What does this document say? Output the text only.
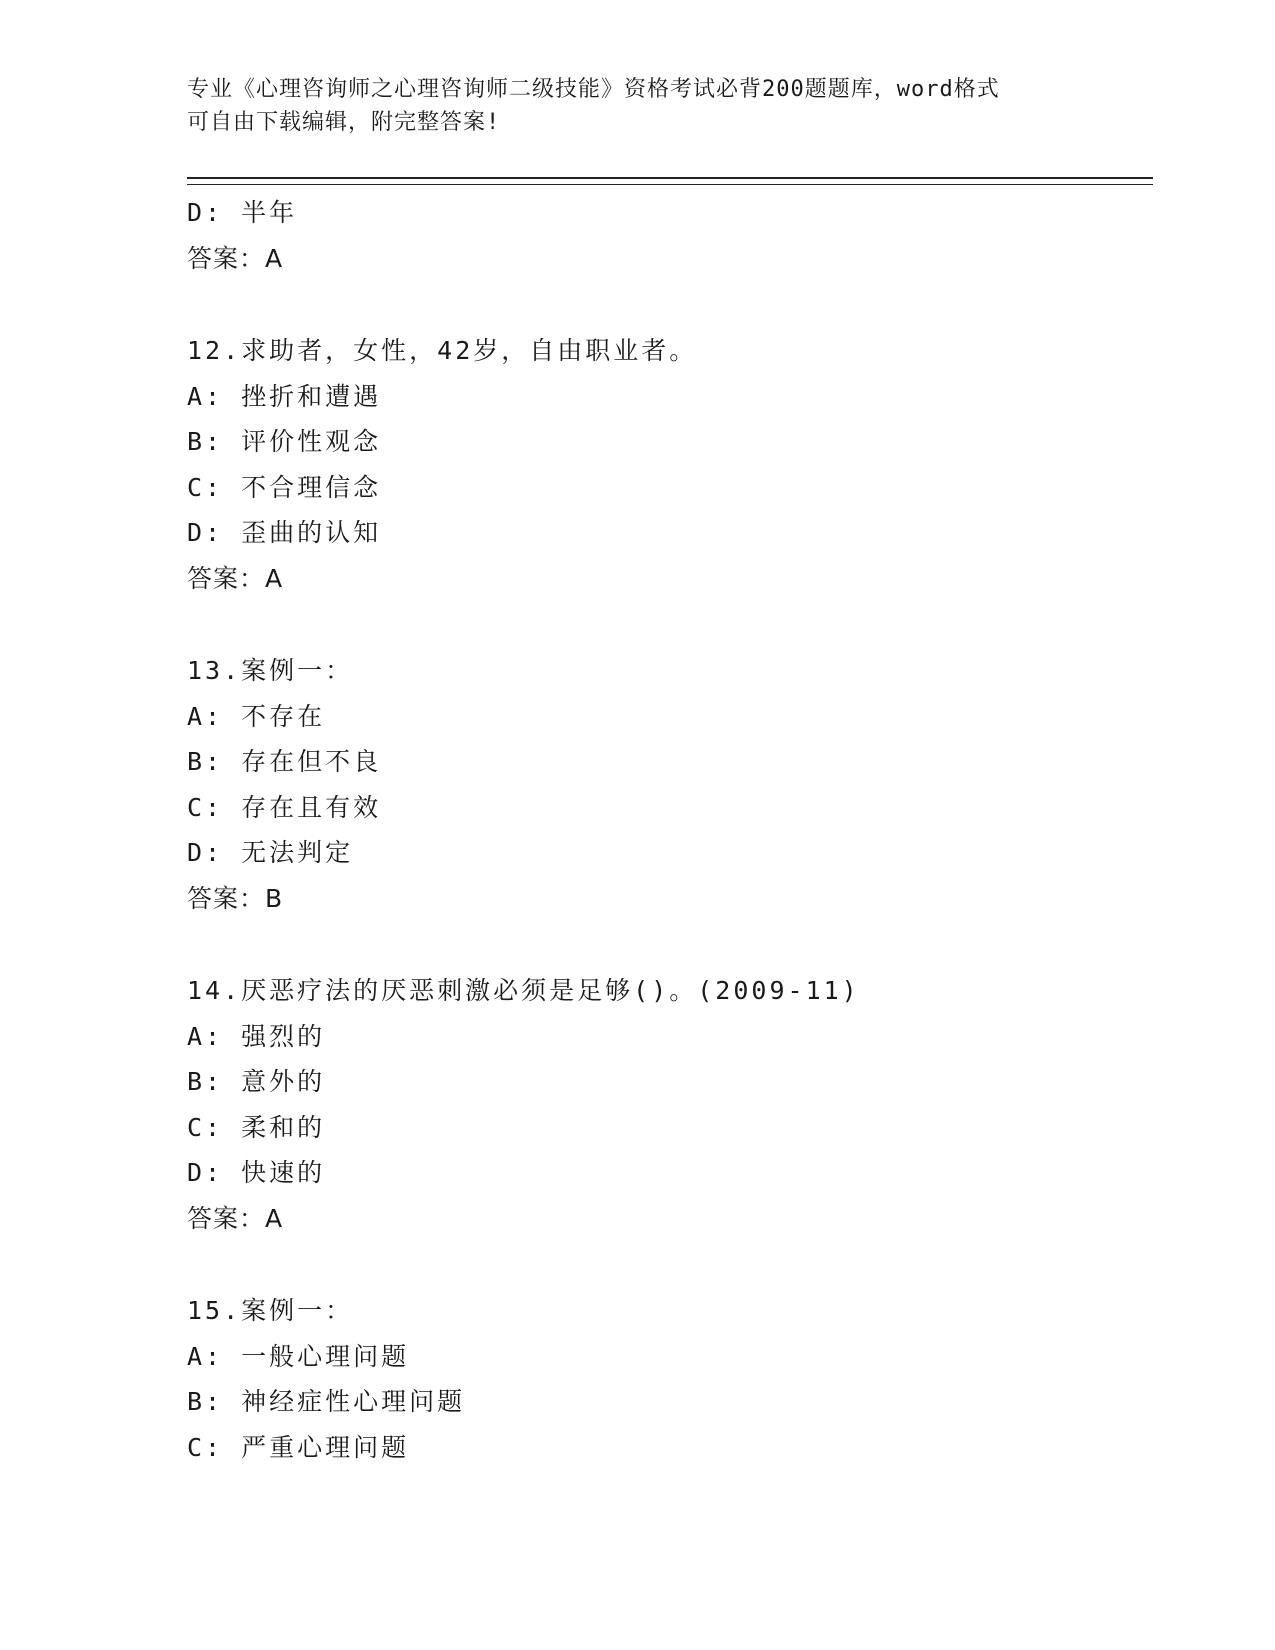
专业《心理咨询师之心理咨询师二级技能》资格考试必背200题题库，word格式
可自由下载编辑，附完整答案!
D: 半年
答案：A
12.求助者，女性，42岁，自由职业者。
A: 挫折和遭遇
B: 评价性观念
C: 不合理信念
D: 歪曲的认知
答案：A
13.案例一：
A: 不存在
B: 存在但不良
C: 存在且有效
D: 无法判定
答案：B
14.厌恶疗法的厌恶刺激必须是足够()。(2009-11)
A: 强烈的
B: 意外的
C: 柔和的
D: 快速的
答案：A
15.案例一：
A: 一般心理问题
B: 神经症性心理问题
C: 严重心理问题
